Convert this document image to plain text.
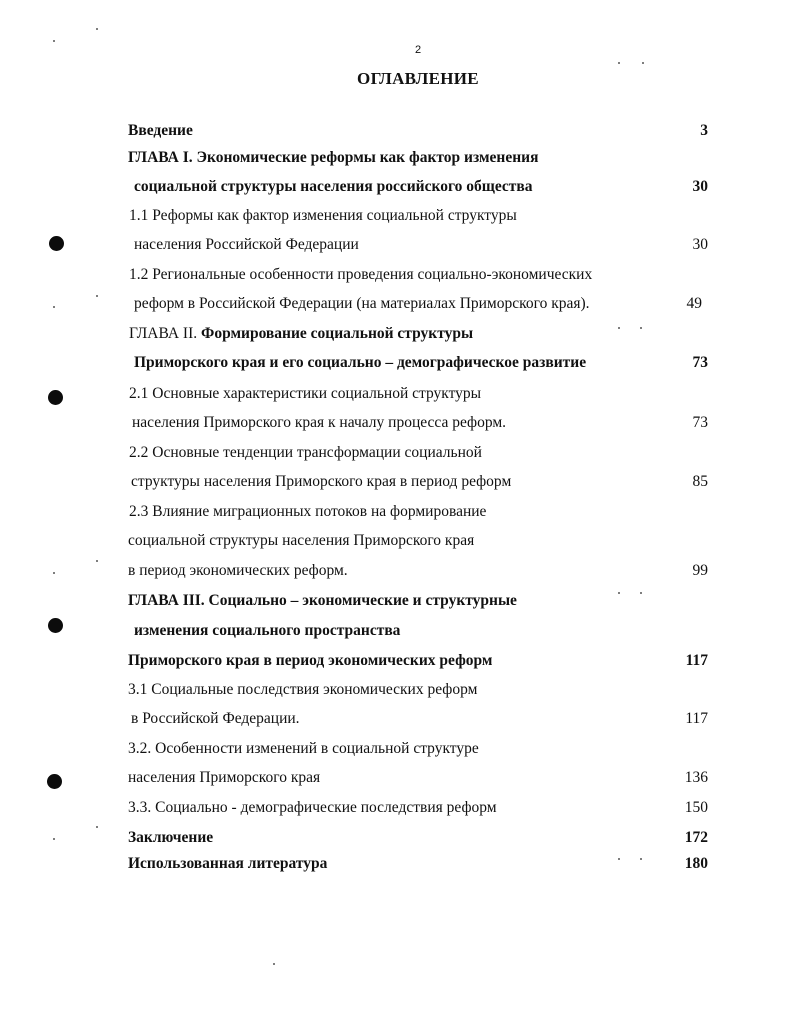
2
ОГЛАВЛЕНИЕ
Введение	3
ГЛАВА I. Экономические реформы как фактор изменения
социальной структуры населения российского общества	30
1.1 Реформы как фактор изменения социальной структуры
населения Российской Федерации	30
1.2 Региональные особенности проведения социально-экономических
реформ в Российской Федерации (на материалах Приморского края).	49
ГЛАВА II. Формирование социальной структуры
Приморского края и его социально – демографическое развитие	73
2.1 Основные характеристики социальной структуры
населения Приморского края к началу процесса реформ.	73
2.2 Основные тенденции трансформации социальной
структуры населения Приморского края в период реформ	85
2.3 Влияние миграционных потоков на формирование
социальной структуры населения Приморского края
в период экономических реформ.	99
ГЛАВА III. Социально – экономические и структурные
изменения социального пространства
Приморского края в период экономических реформ	117
3.1 Социальные последствия экономических реформ
в Российской Федерации.	117
3.2. Особенности изменений в социальной структуре
населения Приморского края	136
3.3. Социально - демографические последствия реформ	150
Заключение	172
Использованная литература	180
